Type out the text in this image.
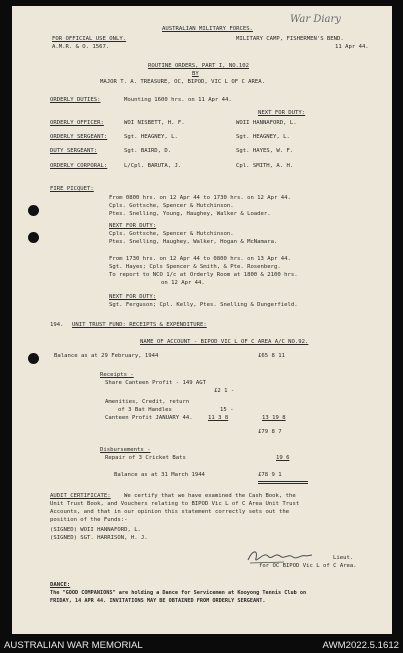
War Diary
AUSTRALIAN MILITARY FORCES.
FOR OFFICIAL USE ONLY.
A.M.R. & O. 1567.
MILITARY CAMP, FISHERMEN'S BEND.
11 Apr 44.
ROUTINE ORDERS, PART I, NO.102
BY
MAJOR T. A. TREASURE, OC, BIPOD, VIC L OF C AREA.
ORDERLY DUTIES:	Mounting 1600 hrs. on 11 Apr 44.
NEXT FOR DUTY:
ORDERLY OFFICER:	WOI NISBETT, H. F.	WOII HANNAFORD, L.
ORDERLY SERGEANT:	Sgt. HEAGNEY, L.	Sgt. HEAGNEY, L.
DUTY SERGEANT:	Sgt. BAIRD, D.	Sgt. HAYES, W. F.
ORDERLY CORPORAL:	L/Cpl. BARUTA, J.	Cpl. SMITH, A. H.
FIRE PICQUET:
From 0800 hrs. on 12 Apr 44 to 1730 hrs. on 12 Apr 44.
Cpls. Gottsche, Spencer & Hutchinson.
Ptes. Snelling, Young, Haughey, Walker & Loader.
NEXT FOR DUTY:
Cpls. Gottsche, Spencer & Hutchinson.
Ptes. Snelling, Haughey, Walker, Hogan & McNamara.
From 1730 hrs. on 12 Apr 44 to 0800 hrs. on 13 Apr 44.
Sgt. Hayes; Cpls Spencer & Smith, & Pte. Rosenberg.
To report to NCO 1/c at Orderly Room at 1800 & 2100 hrs.
on 12 Apr 44.
NEXT FOR DUTY:
Sgt. Ferguson; Cpl. Kelly, Ptes. Snelling & Dungerfield.
194. UNIT TRUST FUND: RECEIPTS & EXPENDITURE:
NAME OF ACCOUNT - BIPOD VIC L OF C AREA A/C NO.92.
Balance as at 29 February, 1944	£65 8 11
Receipts -
Share Canteen Profit - 149 AGT
£2 1 -
Amenities, Credit, return
of 3 Bat Handles	15 -
Canteen Profit JANUARY 44.	11 3 8	13 19 8
£79 8 7
Disbursements -
Repair of 3 Cricket Bats	19 6
Balance as at 31 March 1944	£78 9 1
AUDIT CERTIFICATE: We certify that we have examined the Cash Book, the
Unit Trust Book, and Vouchers relating to BIPOD Vic L of C Area Unit Trust
Accounts, and that in our opinion this statement correctly sets out the
position of the Funds:-
(SIGNED) WOII HANNAFORD, L.
(SIGNED) SGT. HARRISON, H. J.
Lieut.
for OC BIPOD Vic L of C Area.
DANCE:
The "GOOD COMPANIONS" are holding a Dance for Servicemen at Kooyong Tennis Club on
FRIDAY, 14 APR 44. INVITATIONS MAY BE OBTAINED FROM ORDERLY SERGEANT.
AUSTRALIAN WAR MEMORIAL	AWM2022.5.1612
